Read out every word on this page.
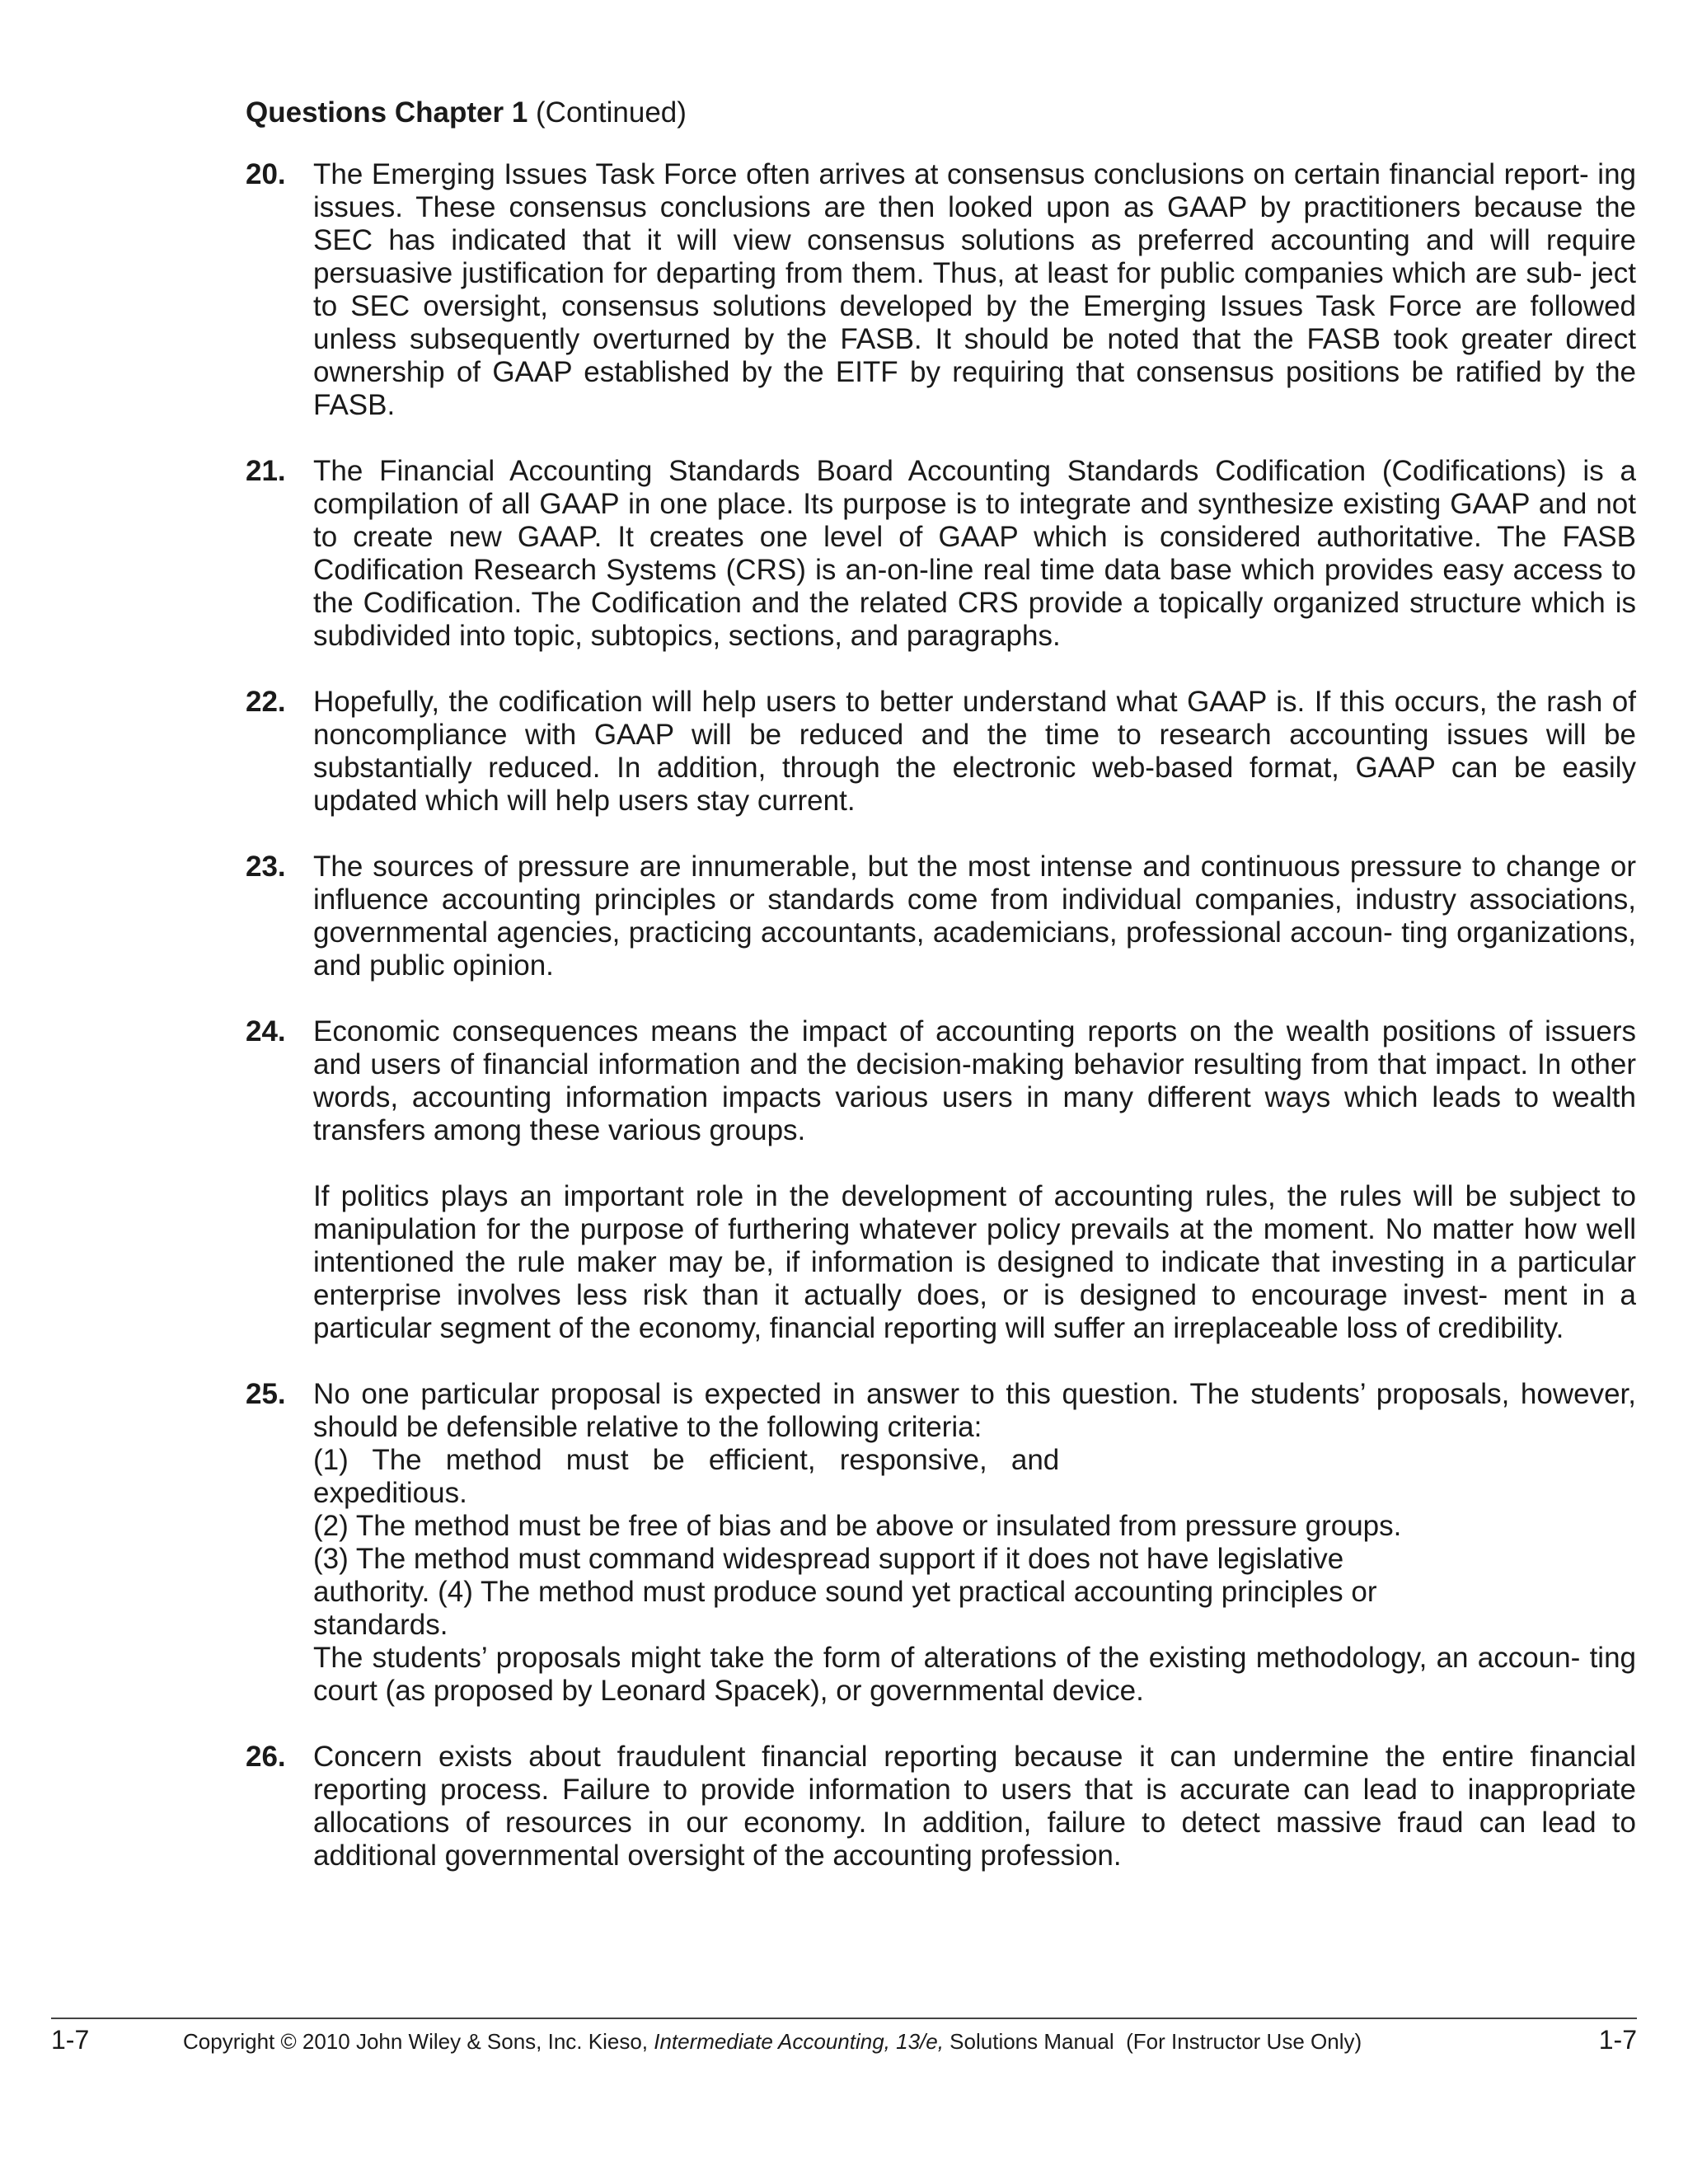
Questions Chapter 1 (Continued)
20. The Emerging Issues Task Force often arrives at consensus conclusions on certain financial report- ing issues. These consensus conclusions are then looked upon as GAAP by practitioners because the SEC has indicated that it will view consensus solutions as preferred accounting and will require persuasive justification for departing from them. Thus, at least for public companies which are sub- ject to SEC oversight, consensus solutions developed by the Emerging Issues Task Force are followed unless subsequently overturned by the FASB. It should be noted that the FASB took greater direct ownership of GAAP established by the EITF by requiring that consensus positions be ratified by the FASB.

21. The Financial Accounting Standards Board Accounting Standards Codification (Codifications) is a compilation of all GAAP in one place. Its purpose is to integrate and synthesize existing GAAP and not to create new GAAP. It creates one level of GAAP which is considered authoritative. The FASB Codification Research Systems (CRS) is an-on-line real time data base which provides easy access to the Codification. The Codification and the related CRS provide a topically organized structure which is subdivided into topic, subtopics, sections, and paragraphs.

22. Hopefully, the codification will help users to better understand what GAAP is. If this occurs, the rash of noncompliance with GAAP will be reduced and the time to research accounting issues will be substantially reduced. In addition, through the electronic web-based format, GAAP can be easily updated which will help users stay current.

23. The sources of pressure are innumerable, but the most intense and continuous pressure to change or influence accounting principles or standards come from individual companies, industry associations, governmental agencies, practicing accountants, academicians, professional accoun- ting organizations, and public opinion.

24. Economic consequences means the impact of accounting reports on the wealth positions of issuers and users of financial information and the decision-making behavior resulting from that impact. In other words, accounting information impacts various users in many different ways which leads to wealth transfers among these various groups.

If politics plays an important role in the development of accounting rules, the rules will be subject to manipulation for the purpose of furthering whatever policy prevails at the moment. No matter how well intentioned the rule maker may be, if information is designed to indicate that investing in a particular enterprise involves less risk than it actually does, or is designed to encourage invest- ment in a particular segment of the economy, financial reporting will suffer an irreplaceable loss of credibility.

25. No one particular proposal is expected in answer to this question. The students’ proposals, however, should be defensible relative to the following criteria:

(1)   The   method   must   be   efficient,   responsive,   and
expeditious.
(2) The method must be free of bias and be above or insulated from pressure groups.
(3) The method must command widespread support if it does not have legislative
authority. (4) The method must produce sound yet practical accounting principles or
standards.
The students’ proposals might take the form of alterations of the existing methodology, an accoun- ting court (as proposed by Leonard Spacek), or governmental device.
26. Concern exists about fraudulent financial reporting because it can undermine the entire financial reporting process. Failure to provide information to users that is accurate can lead to inappropriate allocations of resources in our economy. In addition, failure to detect massive fraud can lead to additional governmental oversight of the accounting profession.

1-7	Copyright © 2010 John Wiley & Sons, Inc. Kieso, Intermediate Accounting, 13/e, Solutions Manual  (For Instructor Use Only)	1-7
